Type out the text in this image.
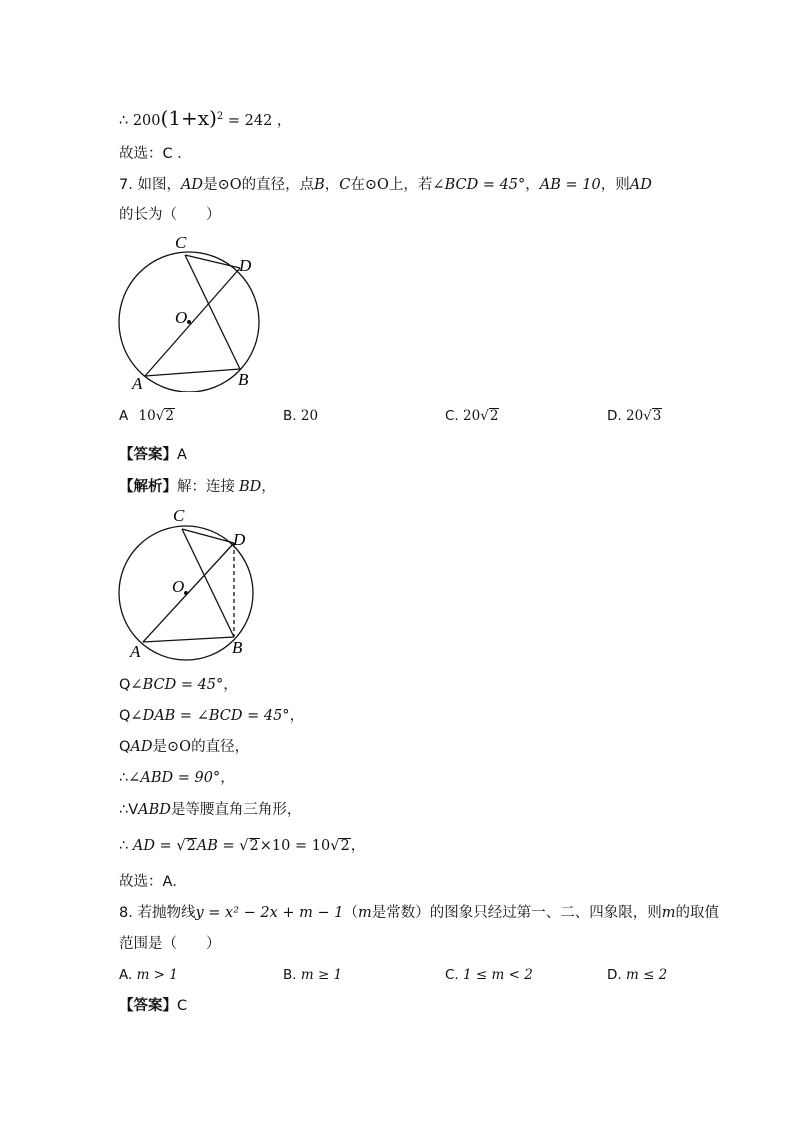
∴ $200(1+x)^2 = 242$ ，
故选：C ．
7. 如图，AD是⊙O的直径，点B，C在⊙O上，若∠BCD = 45°，AB = 10，则AD
的长为（　　）
C
D
O
A	B
A 10√2	B. 20	C. 20√2	D. 20√3
【答案】A
【解析】解：连接 BD，
C
D
O
A	B
Q∠BCD = 45°，
Q∠DAB = ∠BCD = 45°，
QAD是⊙O的直径，
∴∠ABD = 90°，
∴VABD是等腰直角三角形，
∴ AD = √2AB = √2×10 = 10√2，
故选：A．
8. 若抛物线y = x² − 2x + m − 1（m是常数）的图象只经过第一、二、四象限，则m的取值
范围是（　　）
A. m > 1	B. m ≥ 1	C. 1 ≤ m < 2	D. m ≤ 2
【答案】C
